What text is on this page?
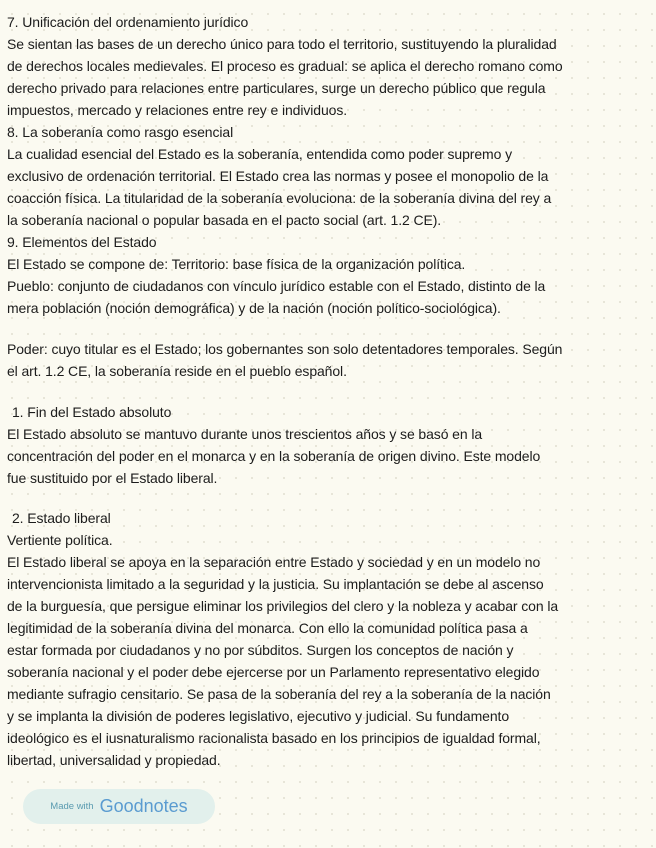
7. Unificación del ordenamiento jurídico
Se sientan las bases de un derecho único para todo el territorio, sustituyendo la pluralidad
de derechos locales medievales. El proceso es gradual: se aplica el derecho romano como
derecho privado para relaciones entre particulares, surge un derecho público que regula
impuestos, mercado y relaciones entre rey e individuos.
8. La soberanía como rasgo esencial
La cualidad esencial del Estado es la soberanía, entendida como poder supremo y
exclusivo de ordenación territorial. El Estado crea las normas y posee el monopolio de la
coacción física. La titularidad de la soberanía evoluciona: de la soberanía divina del rey a
la soberanía nacional o popular basada en el pacto social (art. 1.2 CE).
9. Elementos del Estado
El Estado se compone de: Territorio: base física de la organización política.
Pueblo: conjunto de ciudadanos con vínculo jurídico estable con el Estado, distinto de la
mera población (noción demográfica) y de la nación (noción político-sociológica).
Poder: cuyo titular es el Estado; los gobernantes son solo detentadores temporales. Según
el art. 1.2 CE, la soberanía reside en el pueblo español.
1. Fin del Estado absoluto
El Estado absoluto se mantuvo durante unos trescientos años y se basó en la
concentración del poder en el monarca y en la soberanía de origen divino. Este modelo
fue sustituido por el Estado liberal.
2. Estado liberal
Vertiente política.
El Estado liberal se apoya en la separación entre Estado y sociedad y en un modelo no
intervencionista limitado a la seguridad y la justicia. Su implantación se debe al ascenso
de la burguesía, que persigue eliminar los privilegios del clero y la nobleza y acabar con la
legitimidad de la soberanía divina del monarca. Con ello la comunidad política pasa a
estar formada por ciudadanos y no por súbditos. Surgen los conceptos de nación y
soberanía nacional y el poder debe ejercerse por un Parlamento representativo elegido
mediante sufragio censitario. Se pasa de la soberanía del rey a la soberanía de la nación
y se implanta la división de poderes legislativo, ejecutivo y judicial. Su fundamento
ideológico es el iusnaturalismo racionalista basado en los principios de igualdad formal,
libertad, universalidad y propiedad.
Made with Goodnotes
